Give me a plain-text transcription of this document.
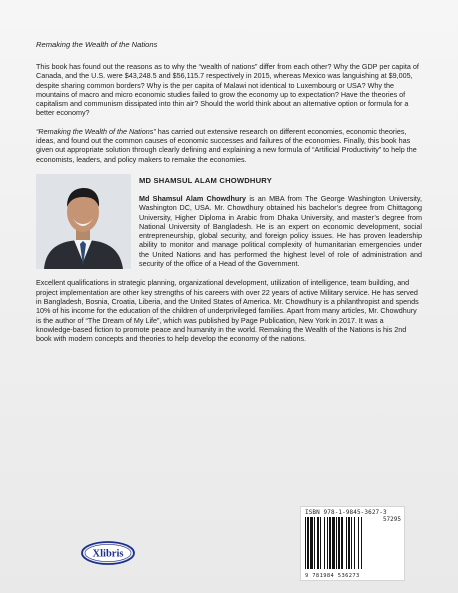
Remaking the Wealth of the Nations

This book has found out the reasons as to why the “wealth of nations” differ from each other? Why the GDP per capita of Canada, and the U.S. were $43,248.5 and $56,115.7 respectively in 2015, whereas Mexico was languishing at $9,005, despite sharing common borders? Why is the per capita of Malawi not identical to Luxembourg or USA? Why the mountains of macro and micro economic studies failed to grow the economy up to expectation? Have the theories of capitalism and communism dissipated into thin air? Should the world think about an alternative option or formula for a better economy?

“Remaking the Wealth of the Nations” has carried out extensive research on different economies, economic theories, ideas, and found out the common causes of economic successes and failures of the economies. Finally, this book has given out appropriate solution through clearly defining and explaining a new formula of “Artificial Productivity” to help the economists, leaders, and policy makers to remake the economies.

MD SHAMSUL ALAM CHOWDHURY

Md Shamsul Alam Chowdhury is an MBA from The George Washington University, Washington DC, USA. Mr. Chowdhury obtained his bachelor’s degree from Chittagong University, Higher Diploma in Arabic from Dhaka University, and master’s degree from National University of Bangladesh. He is an expert on economic development, social entrepreneurship, global security, and foreign policy issues. He has proven leadership ability to monitor and manage political complexity of humanitarian emergencies under the United Nations and has performed the highest level of role of administration and security of the office of a Head of the Government.

Excellent qualifications in strategic planning, organizational development, utilization of intelligence, team building, and project implementation are other key strengths of his careers with over 22 years of active Military service. He has served in Bangladesh, Bosnia, Croatia, Liberia, and the United States of America. Mr. Chowdhury is a philanthropist and spends 10% of his income for the education of the children of underprivileged families. Apart from many articles, Mr. Chowdhury is the author of “The Dream of My Life”, which was published by Page Publication, New York in 2017. It was a knowledge-based fiction to promote peace and humanity in the world. Remaking the Wealth of the Nations is his 2nd book with modern concepts and theories to help develop the economy of the nations.

Xlibris
ISBN 978-1-9845-3627-3
57295
9 781984 536273
